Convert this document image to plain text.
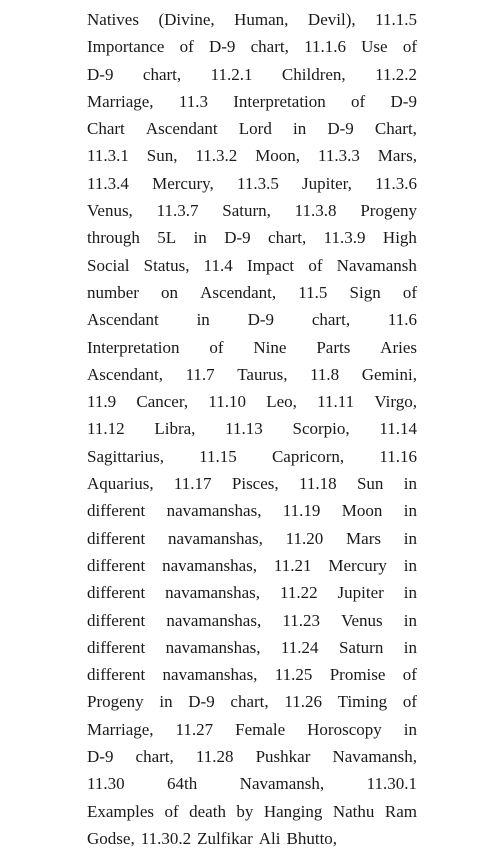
Natives (Divine, Human, Devil), 11.1.5
Importance of D-9 chart, 11.1.6 Use of
D-9 chart, 11.2.1 Children, 11.2.2
Marriage, 11.3 Interpretation of D-9
Chart Ascendant Lord in D-9 Chart,
11.3.1 Sun, 11.3.2 Moon, 11.3.3 Mars,
11.3.4 Mercury, 11.3.5 Jupiter, 11.3.6
Venus, 11.3.7 Saturn, 11.3.8 Progeny
through 5L in D-9 chart, 11.3.9 High
Social Status, 11.4 Impact of Navamansh
number on Ascendant, 11.5 Sign of
Ascendant in D-9 chart, 11.6
Interpretation of Nine Parts Aries
Ascendant, 11.7 Taurus, 11.8 Gemini,
11.9 Cancer, 11.10 Leo, 11.11 Virgo,
11.12 Libra, 11.13 Scorpio, 11.14
Sagittarius, 11.15 Capricorn, 11.16
Aquarius, 11.17 Pisces, 11.18 Sun in
different navamanshas, 11.19 Moon in
different navamanshas, 11.20 Mars in
different navamanshas, 11.21 Mercury in
different navamanshas, 11.22 Jupiter in
different navamanshas, 11.23 Venus in
different navamanshas, 11.24 Saturn in
different navamanshas, 11.25 Promise of
Progeny in D-9 chart, 11.26 Timing of
Marriage, 11.27 Female Horoscopy in
D-9 chart, 11.28 Pushkar Navamansh,
11.30 64th Navamansh, 11.30.1
Examples of death by Hanging Nathu Ram
Godse, 11.30.2 Zulfikar Ali Bhutto,
